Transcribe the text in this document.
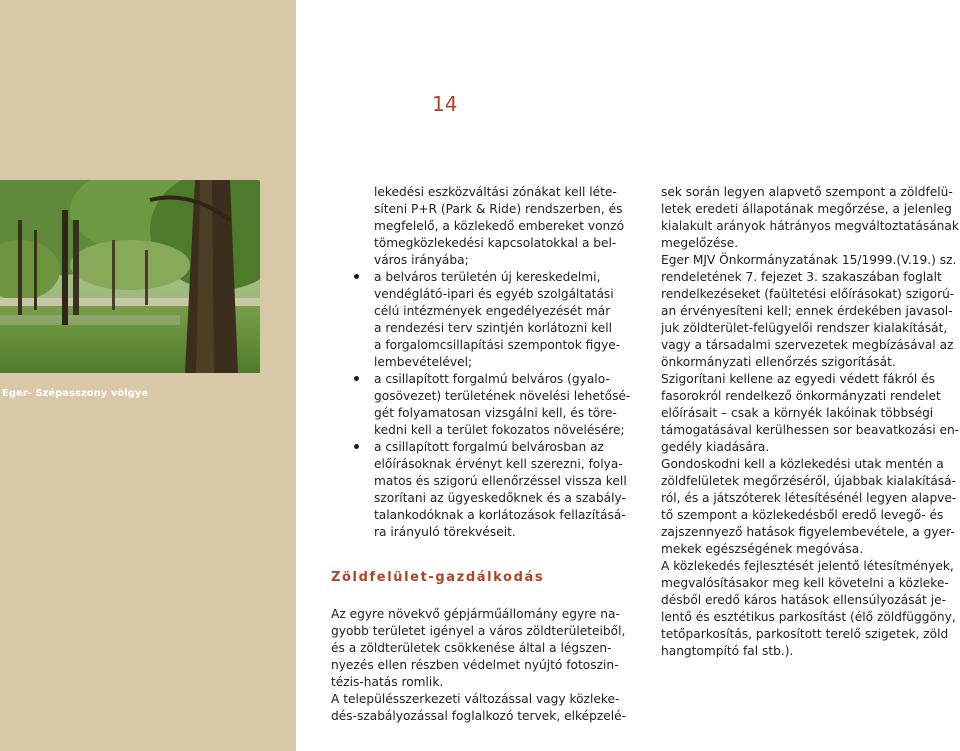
Eger- Szépasszony völgye
14
lekedési eszközváltási zónákat kell léte-
síteni P+R (Park & Ride) rendszerben, és
megfelelő, a közlekedő embereket vonzó
tömegközlekedési kapcsolatokkal a bel-
város irányába;
a belváros területén új kereskedelmi,
vendéglátó-ipari és egyéb szolgáltatási
célú intézmények engedélyezését már
a rendezési terv szintjén korlátozni kell
a forgalomcsillapítási szempontok figye-
lembevételével;
a csillapított forgalmú belváros (gyalo-
gosövezet) területének növelési lehetősé-
gét folyamatosan vizsgálni kell, és töre-
kedni kell a terület fokozatos növelésére;
a csillapított forgalmú belvárosban az
előírásoknak érvényt kell szerezni, folya-
matos és szigorú ellenőrzéssel vissza kell
szorítani az ügyeskedőknek és a szabály-
talankodóknak a korlátozások fellazításá-
ra irányuló törekvéseit.
Zöldfelület-gazdálkodás
Az egyre növekvő gépjárműállomány egyre na-
gyobb területet igényel a város zöldterületeiből,
és a zöldterületek csökkenése által a légszen-
nyezés ellen részben védelmet nyújtó fotoszin-
tézis-hatás romlik.
A településszerkezeti változással vagy közleke-
dés-szabályozással foglalkozó tervek, elképzelé-
sek során legyen alapvető szempont a zöldfelü-
letek eredeti állapotának megőrzése, a jelenleg
kialakult arányok hátrányos megváltoztatásának
megelőzése.
Eger MJV Önkormányzatának 15/1999.(V.19.) sz.
rendeletének 7. fejezet 3. szakaszában foglalt
rendelkezéseket (faültetési előírásokat) szigorú-
an érvényesíteni kell; ennek érdekében javasol-
juk zöldterület-felügyelői rendszer kialakítását,
vagy a társadalmi szervezetek megbízásával az
önkormányzati ellenőrzés szigorítását.
Szigorítani kellene az egyedi védett fákról és
fasorokról rendelkező önkormányzati rendelet
előírásait – csak a környék lakóinak többségi
támogatásával kerülhessen sor beavatkozási en-
gedély kiadására.
Gondoskodni kell a közlekedési utak mentén a
zöldfelületek megőrzéséről, újabbak kialakításá-
ról, és a játszóterek létesítésénél legyen alapve-
tő szempont a közlekedésből eredő levegő- és
zajszennyező hatások figyelembevétele, a gyer-
mekek egészségének megóvása.
A közlekedés fejlesztését jelentő létesítmények,
megvalósításakor meg kell követelni a közleke-
désből eredő káros hatások ellensúlyozását je-
lentő és esztétikus parkosítást (élő zöldfüggöny,
tetőparkosítás, parkosított terelő szigetek, zöld
hangtompító fal stb.).
